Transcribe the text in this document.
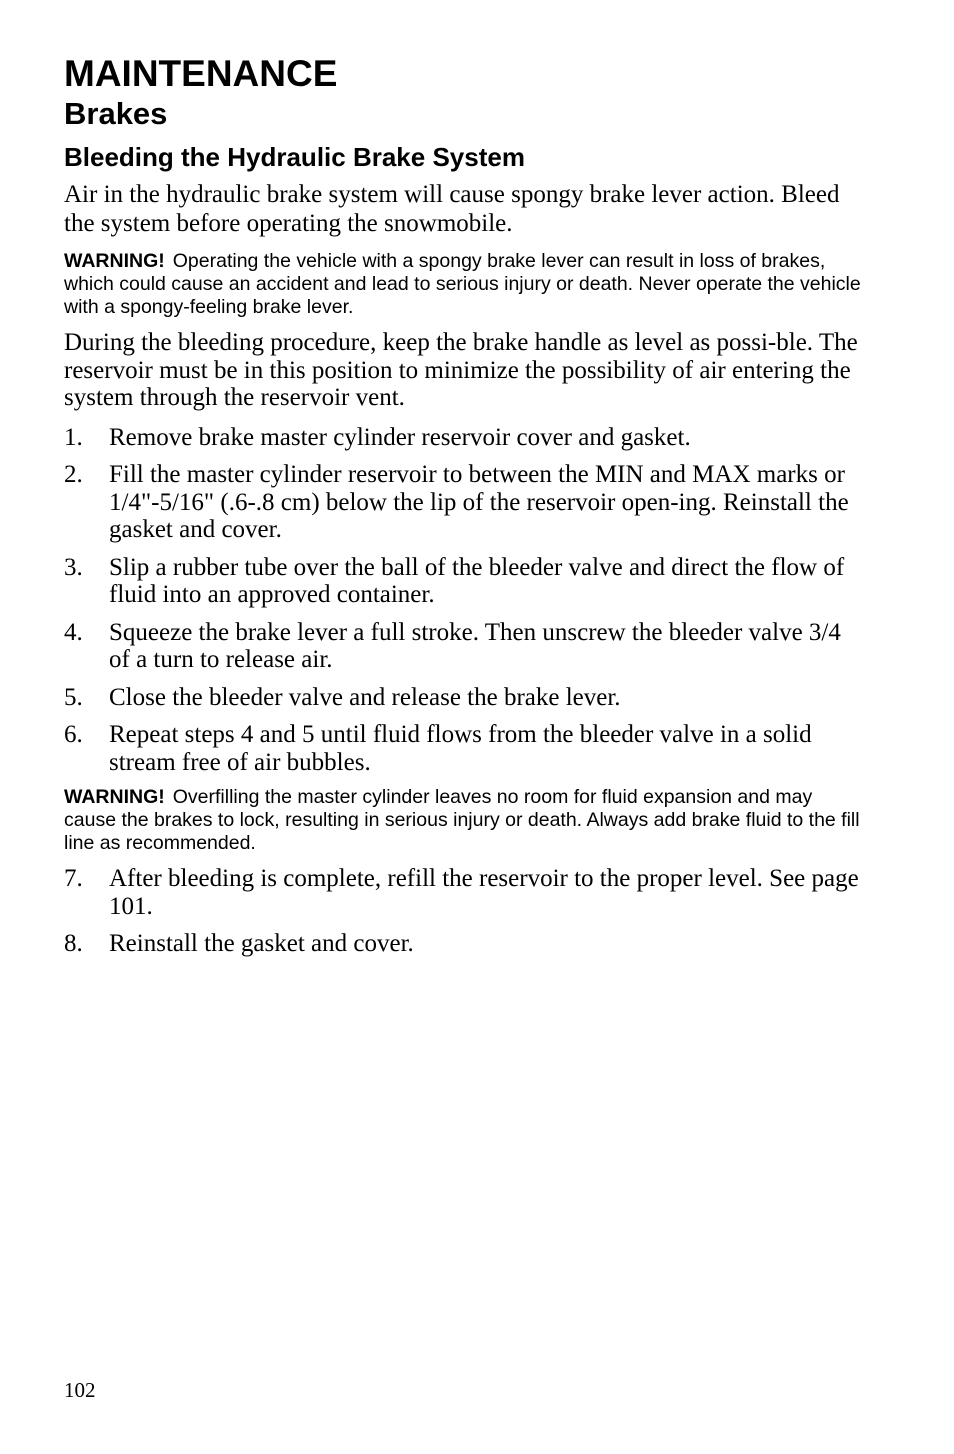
MAINTENANCE
Brakes
Bleeding the Hydraulic Brake System

Air in the hydraulic brake system will cause spongy brake lever action. Bleed the system before operating the snowmobile.

WARNING! Operating the vehicle with a spongy brake lever can result in loss of brakes, which could cause an accident and lead to serious injury or death. Never operate the vehicle with a spongy-feeling brake lever.

During the bleeding procedure, keep the brake handle as level as possi-ble. The reservoir must be in this position to minimize the possibility of air entering the system through the reservoir vent.

1.	Remove brake master cylinder reservoir cover and gasket.
2.	Fill the master cylinder reservoir to between the MIN and MAX marks or 1/4"-5/16" (.6-.8 cm) below the lip of the reservoir open-ing. Reinstall the gasket and cover.
3.	Slip a rubber tube over the ball of the bleeder valve and direct the flow of fluid into an approved container.
4.	Squeeze the brake lever a full stroke. Then unscrew the bleeder valve 3/4 of a turn to release air.
5.	Close the bleeder valve and release the brake lever.
6.	Repeat steps 4 and 5 until fluid flows from the bleeder valve in a solid stream free of air bubbles.

WARNING! Overfilling the master cylinder leaves no room for fluid expansion and may cause the brakes to lock, resulting in serious injury or death. Always add brake fluid to the fill line as recommended.

7.	After bleeding is complete, refill the reservoir to the proper level. See page 101.
8.	Reinstall the gasket and cover.
102
